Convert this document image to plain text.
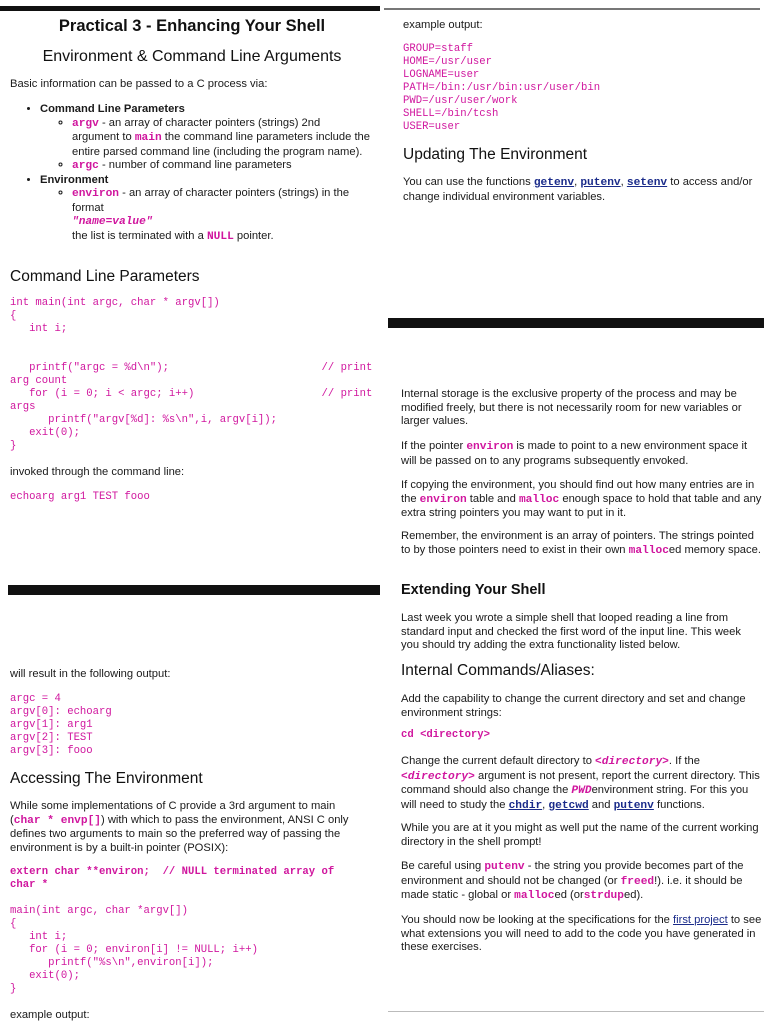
Practical 3 - Enhancing Your Shell
Environment & Command Line Arguments
Basic information can be passed to a C process via:
• Command Line Parameters
◦ argv - an array of character pointers (strings) 2nd argument to main the command line parameters include the entire parsed command line (including the program name).
◦ argc - number of command line parameters
• Environment
◦ environ - an array of character pointers (strings) in the format
"name=value"
the list is terminated with a NULL pointer.
Command Line Parameters
int main(int argc, char * argv[])
{
int i;

printf("argc = %d\n");                        // print
arg count
for (i = 0; i < argc; i++)                    // print
args
printf("argv[%d]: %s\n",i, argv[i]);
exit(0);
}
invoked through the command line:
echoarg arg1 TEST fooo
example output:
GROUP=staff
HOME=/usr/user
LOGNAME=user
PATH=/bin:/usr/bin:usr/user/bin
PWD=/usr/user/work
SHELL=/bin/tcsh
USER=user
Updating The Environment
You can use the functions getenv, putenv, setenv to access and/or change individual environment variables.
will result in the following output:
argc = 4
argv[0]: echoarg
argv[1]: arg1
argv[2]: TEST
argv[3]: fooo
Accessing The Environment
While some implementations of C provide a 3rd argument to main (char * envp[]) with which to pass the environment, ANSI C only defines two arguments to main so the preferred way of passing the environment is by a built-in pointer (POSIX):
extern char **environ;  // NULL terminated array of
char *
main(int argc, char *argv[])
{
int i;
for (i = 0; environ[i] != NULL; i++)
printf("%s\n",environ[i]);
exit(0);
}
example output:
Internal storage is the exclusive property of the process and may be modified freely, but there is not necessarily room for new variables or larger values.
If the pointer environ is made to point to a new environment space it will be passed on to any programs subsequently envoked.
If copying the environment, you should find out how many entries are in the environ table and malloc enough space to hold that table and any extra string pointers you may want to put in it.
Remember, the environment is an array of pointers. The strings pointed to by those pointers need to exist in their own malloced memory space.
Extending Your Shell
Last week you wrote a simple shell that looped reading a line from standard input and checked the first word of the input line. This week you should try adding the extra functionality listed below.
Internal Commands/Aliases:
Add the capability to change the current directory and set and change environment strings:
cd <directory>
Change the current default directory to <directory>. If the <directory> argument is not present, report the current directory. This command should also change the PWDenvironment string. For this you will need to study the chdir, getcwd and putenv functions.
While you are at it you might as well put the name of the current working directory in the shell prompt!
Be careful using putenv - the string you provide becomes part of the environment and should not be changed (or freed!). i.e. it should be made static - global or malloced (orstrduped).
You should now be looking at the specifications for the first project to see what extensions you will need to add to the code you have generated in these exercises.
